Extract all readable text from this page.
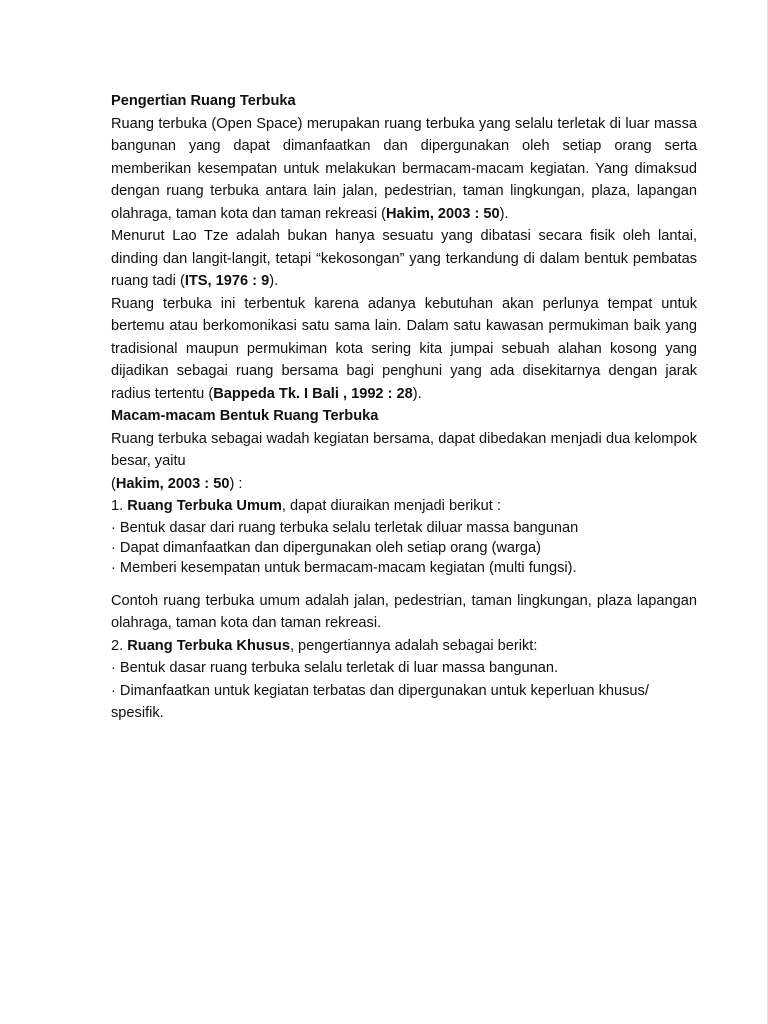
Pengertian Ruang Terbuka

Ruang terbuka (Open Space) merupakan ruang terbuka yang selalu terletak di luar massa bangunan yang dapat dimanfaatkan dan dipergunakan oleh setiap orang serta memberikan kesempatan untuk melakukan bermacam-macam kegiatan. Yang dimaksud dengan ruang terbuka antara lain jalan, pedestrian, taman lingkungan, plaza, lapangan olahraga, taman kota dan taman rekreasi (Hakim, 2003 : 50).

Menurut Lao Tze adalah bukan hanya sesuatu yang dibatasi secara fisik oleh lantai, dinding dan langit-langit, tetapi “kekosongan” yang terkandung di dalam bentuk pembatas ruang tadi (ITS, 1976 : 9).

Ruang terbuka ini terbentuk karena adanya kebutuhan akan perlunya tempat untuk bertemu atau berkomonikasi satu sama lain. Dalam satu kawasan permukiman baik yang tradisional maupun permukiman kota sering kita jumpai sebuah alahan kosong yang dijadikan sebagai ruang bersama bagi penghuni yang ada disekitarnya dengan jarak radius tertentu (Bappeda Tk. I Bali , 1992 : 28).

Macam-macam Bentuk Ruang Terbuka

Ruang terbuka sebagai wadah kegiatan bersama, dapat dibedakan menjadi dua kelompok besar, yaitu

(Hakim, 2003 : 50) :

1. Ruang Terbuka Umum, dapat diuraikan menjadi berikut :

· Bentuk dasar dari ruang terbuka selalu terletak diluar massa bangunan

· Dapat dimanfaatkan dan dipergunakan oleh setiap orang (warga)

· Memberi kesempatan untuk bermacam-macam kegiatan (multi fungsi).

Contoh ruang terbuka umum adalah jalan, pedestrian, taman lingkungan, plaza lapangan olahraga, taman kota dan taman rekreasi.

2. Ruang Terbuka Khusus, pengertiannya adalah sebagai berikt:

· Bentuk dasar ruang terbuka selalu terletak di luar massa bangunan.

· Dimanfaatkan untuk kegiatan terbatas dan dipergunakan untuk keperluan khusus/ spesifik.
